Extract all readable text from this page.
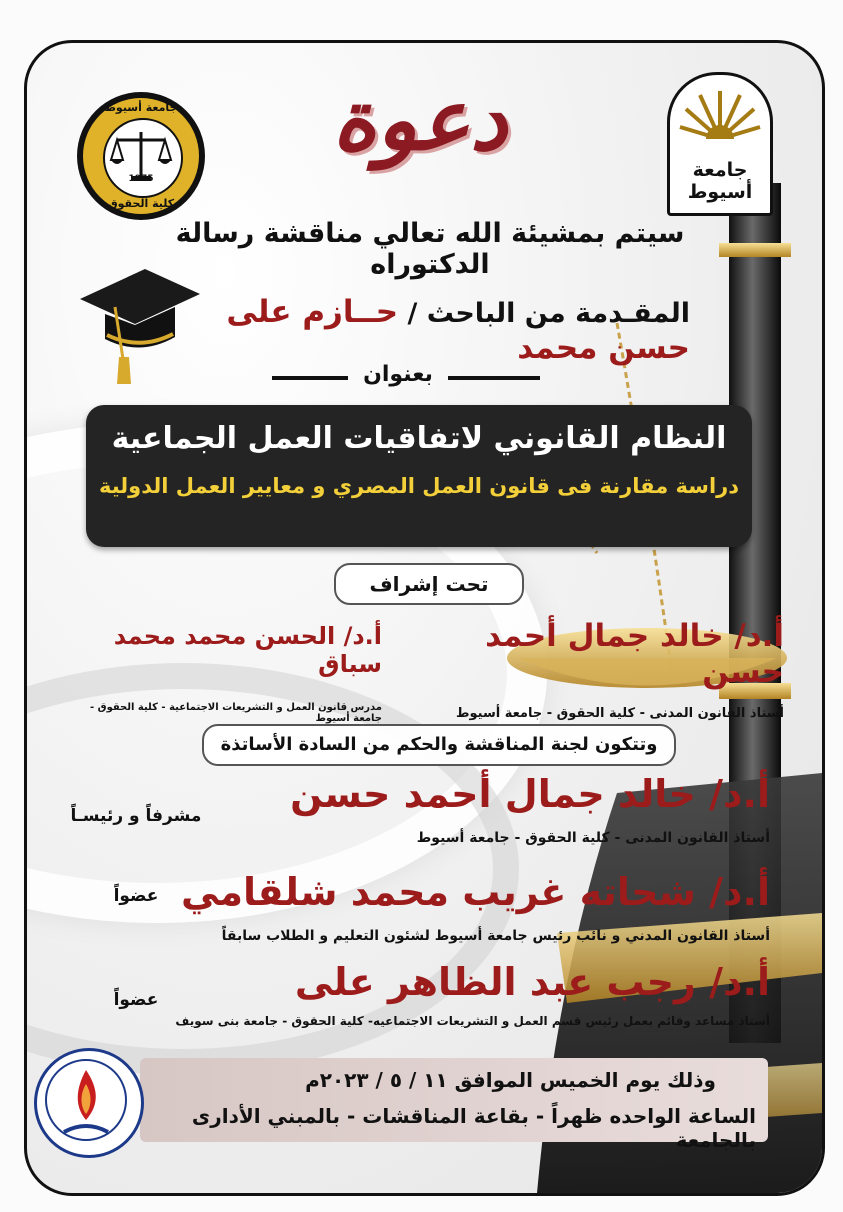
جامعة أسيوط
جامعة أسيوط
1975
كلية الحقوق
دعوة
سيتم بمشيئة الله تعالي مناقشة رسالة الدكتوراه
المقـدمة من الباحث / حــازم على حسن محمد
بعنوان
النظام القانوني لاتفاقيات العمل الجماعية
دراسة مقارنة فى قانون العمل المصري و معايير العمل الدولية
تحت إشراف
أ.د/ خالد جمال أحمد حسن
أستاذ القانون المدنى - كلية الحقوق - جامعة أسيوط
أ.د/ الحسن محمد محمد سباق
مدرس قانون العمل و التشريعات الاجتماعية - كلية الحقوق - جامعة أسيوط
وتتكون لجنة المناقشة والحكم من السادة الأساتذة
أ.د/ خالد جمال أحمد حسن
أستاذ القانون المدنى - كلية الحقوق - جامعة أسيوط
مشرفاً و رئيسـاً
أ.د/ شحاته غريب محمد شلقامي
أستاذ القانون المدني و نائب رئيس جامعة أسيوط لشئون التعليم و الطلاب سابقاً
عضواً
أ.د/ رجب عبد الظاهر على
أستاذ مساعد وقائم بعمل رئيس قسم العمل و التشريعات الاجتماعيه- كلية الحقوق - جامعة بنى سويف
عضواً
وذلك يوم الخميس الموافق ١١ / ٥ / ٢٠٢٣م
الساعة الواحده ظهراً - بقاعة المناقشات - بالمبني الأدارى بالجامعة
